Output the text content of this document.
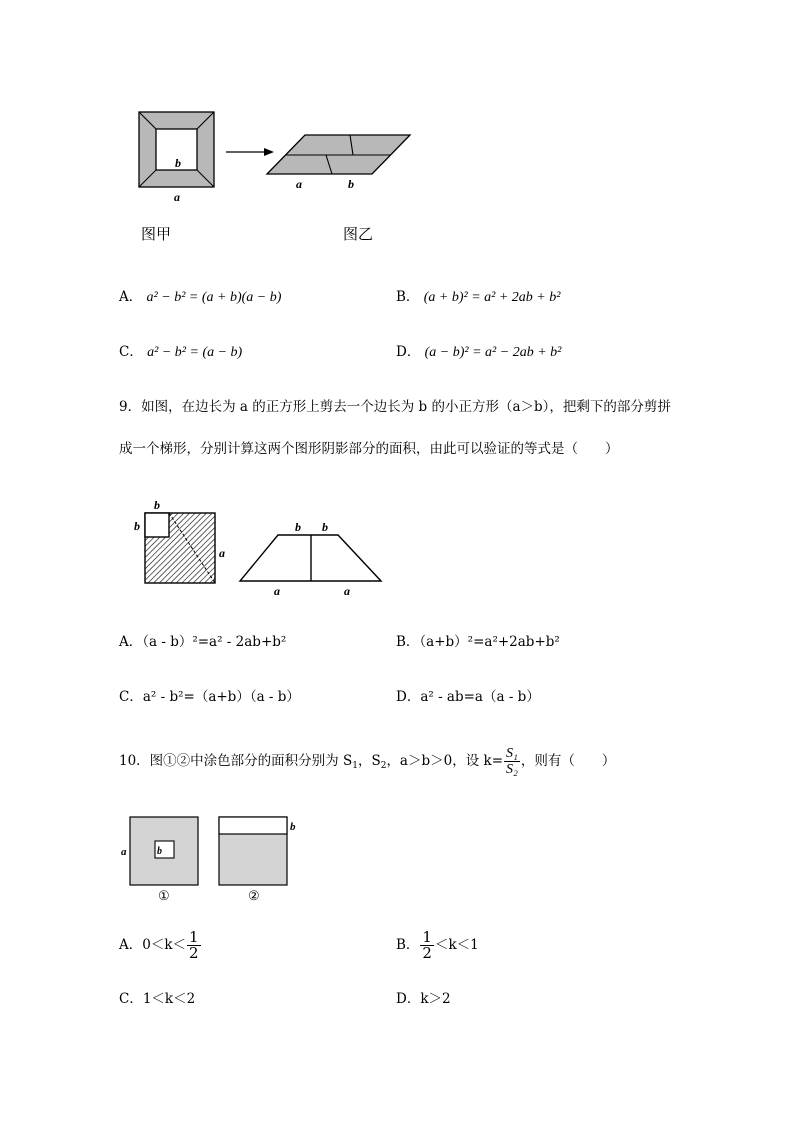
b
a
a	b
图甲	图乙
A． a² − b² = (a + b)(a − b)	B． (a + b)² = a² + 2ab + b²
C． a² − b² = (a − b)	D． (a − b)² = a² − 2ab + b²
9．如图，在边长为 a 的正方形上剪去一个边长为 b 的小正方形（a＞b），把剩下的部分剪拼
成一个梯形，分别计算这两个图形阴影部分的面积，由此可以验证的等式是（　　）
b
b
a
b b
a	a
A．（a - b）²=a² - 2ab+b²	B．（a+b）²=a²+2ab+b²
C．a² - b²=（a+b）（a - b）	D．a² - ab=a（a - b）
10．图①②中涂色部分的面积分别为 $S_1$，$S_2$，a＞b＞0，设 $k= \frac{\text{S₁}}{\text{S₂}}$ ，则有（　　）
a	b
①
b
②
A．$0<k< \frac{1}{2}$	B． $\frac{1}{2} <k<1$
C．1＜k＜2	D．k＞2
